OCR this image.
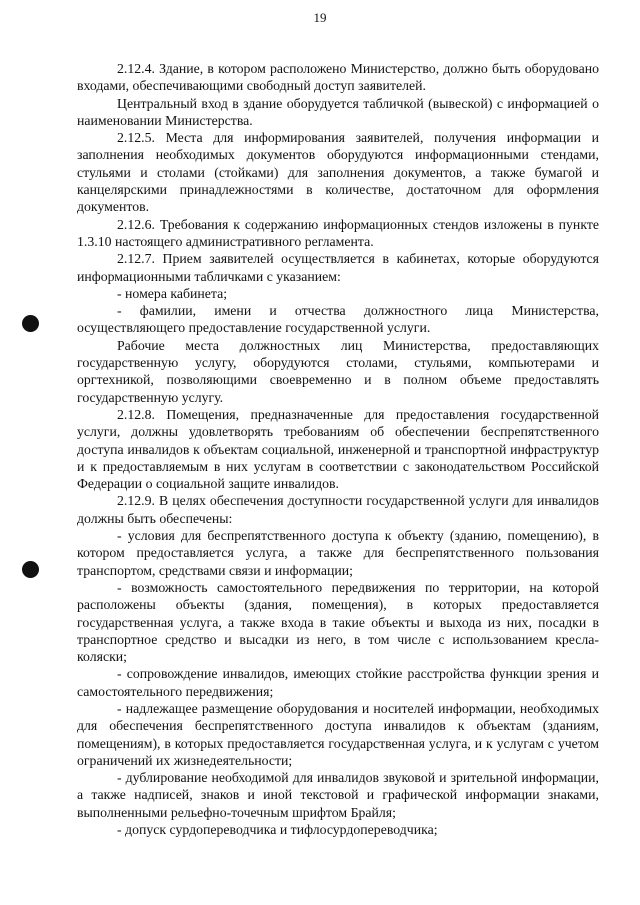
19

2.12.4. Здание, в котором расположено Министерство, должно быть оборудовано входами, обеспечивающими свободный доступ заявителей.

Центральный вход в здание оборудуется табличкой (вывеской) с информацией о наименовании Министерства.

2.12.5. Места для информирования заявителей, получения информации и заполнения необходимых документов оборудуются информационными стендами, стульями и столами (стойками) для заполнения документов, а также бумагой и канцелярскими принадлежностями в количестве, достаточном для оформления документов.

2.12.6. Требования к содержанию информационных стендов изложены в пункте 1.3.10 настоящего административного регламента.

2.12.7. Прием заявителей осуществляется в кабинетах, которые оборудуются информационными табличками с указанием:

- номера кабинета;

- фамилии, имени и отчества должностного лица Министерства, осуществляющего предоставление государственной услуги.

Рабочие места должностных лиц Министерства, предоставляющих государственную услугу, оборудуются столами, стульями, компьютерами и оргтехникой, позволяющими своевременно и в полном объеме предоставлять государственную услугу.

2.12.8. Помещения, предназначенные для предоставления государственной услуги, должны удовлетворять требованиям об обеспечении беспрепятственного доступа инвалидов к объектам социальной, инженерной и транспортной инфраструктур и к предоставляемым в них услугам в соответствии с законодательством Российской Федерации о социальной защите инвалидов.

2.12.9. В целях обеспечения доступности государственной услуги для инвалидов должны быть обеспечены:

- условия для беспрепятственного доступа к объекту (зданию, помещению), в котором предоставляется услуга, а также для беспрепятственного пользования транспортом, средствами связи и информации;

- возможность самостоятельного передвижения по территории, на которой расположены объекты (здания, помещения), в которых предоставляется государственная услуга, а также входа в такие объекты и выхода из них, посадки в транспортное средство и высадки из него, в том числе с использованием кресла-коляски;

- сопровождение инвалидов, имеющих стойкие расстройства функции зрения и самостоятельного передвижения;

- надлежащее размещение оборудования и носителей информации, необходимых для обеспечения беспрепятственного доступа инвалидов к объектам (зданиям, помещениям), в которых предоставляется государственная услуга, и к услугам с учетом ограничений их жизнедеятельности;

- дублирование необходимой для инвалидов звуковой и зрительной информации, а также надписей, знаков и иной текстовой и графической информации знаками, выполненными рельефно-точечным шрифтом Брайля;

- допуск сурдопереводчика и тифлосурдопереводчика;
